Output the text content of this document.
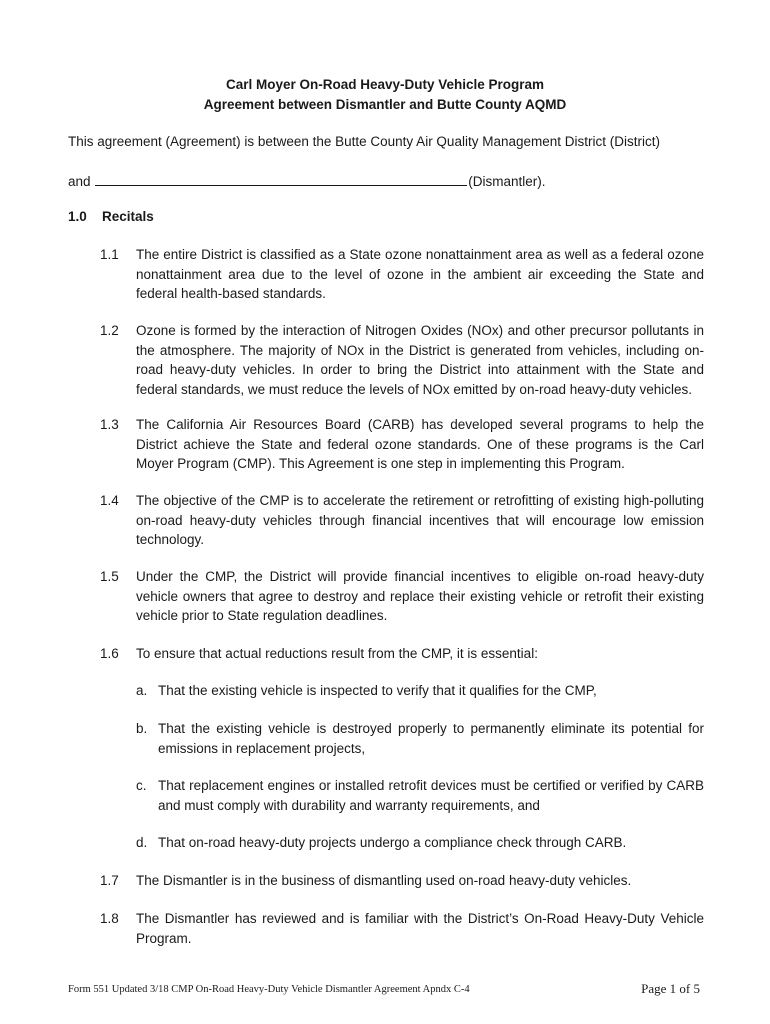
Carl Moyer On-Road Heavy-Duty Vehicle Program
Agreement between Dismantler and Butte County AQMD
This agreement (Agreement) is between the Butte County Air Quality Management District (District)
and	(Dismantler).
1.0 Recitals
1.1 The entire District is classified as a State ozone nonattainment area as well as a federal ozone nonattainment area due to the level of ozone in the ambient air exceeding the State and federal health-based standards.
1.2 Ozone is formed by the interaction of Nitrogen Oxides (NOx) and other precursor pollutants in the atmosphere. The majority of NOx in the District is generated from vehicles, including on-road heavy-duty vehicles. In order to bring the District into attainment with the State and federal standards, we must reduce the levels of NOx emitted by on-road heavy-duty vehicles.
1.3 The California Air Resources Board (CARB) has developed several programs to help the District achieve the State and federal ozone standards. One of these programs is the Carl Moyer Program (CMP). This Agreement is one step in implementing this Program.
1.4 The objective of the CMP is to accelerate the retirement or retrofitting of existing high-polluting on-road heavy-duty vehicles through financial incentives that will encourage low emission technology.
1.5 Under the CMP, the District will provide financial incentives to eligible on-road heavy-duty vehicle owners that agree to destroy and replace their existing vehicle or retrofit their existing vehicle prior to State regulation deadlines.
1.6 To ensure that actual reductions result from the CMP, it is essential:
a. That the existing vehicle is inspected to verify that it qualifies for the CMP,
b. That the existing vehicle is destroyed properly to permanently eliminate its potential for emissions in replacement projects,
c. That replacement engines or installed retrofit devices must be certified or verified by CARB and must comply with durability and warranty requirements, and
d. That on-road heavy-duty projects undergo a compliance check through CARB.
1.7 The Dismantler is in the business of dismantling used on-road heavy-duty vehicles.
1.8 The Dismantler has reviewed and is familiar with the District’s On-Road Heavy-Duty Vehicle Program.
Form 551 Updated 3/18 CMP On-Road Heavy-Duty Vehicle Dismantler Agreement Apndx C-4	Page 1 of 5
